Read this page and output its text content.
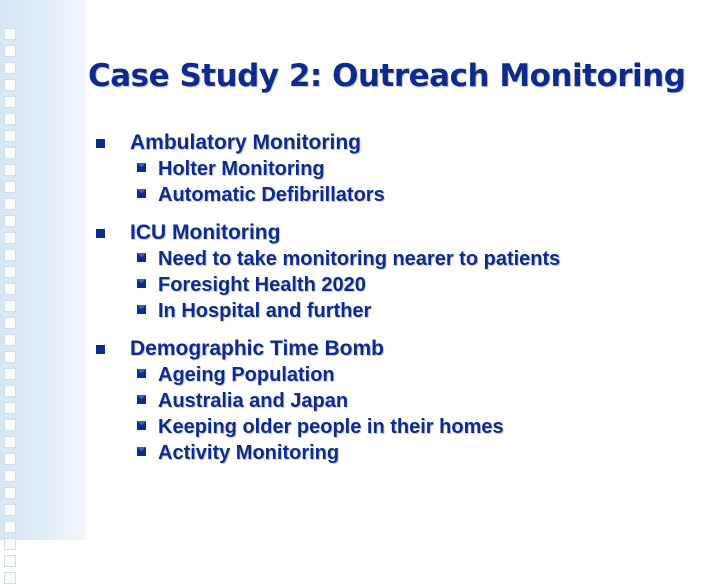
Case Study 2: Outreach Monitoring
Ambulatory Monitoring
Holter Monitoring
Automatic Defibrillators
ICU Monitoring
Need to take monitoring nearer to patients
Foresight Health 2020
In Hospital and further
Demographic Time Bomb
Ageing Population
Australia and Japan
Keeping older people in their homes
Activity Monitoring
